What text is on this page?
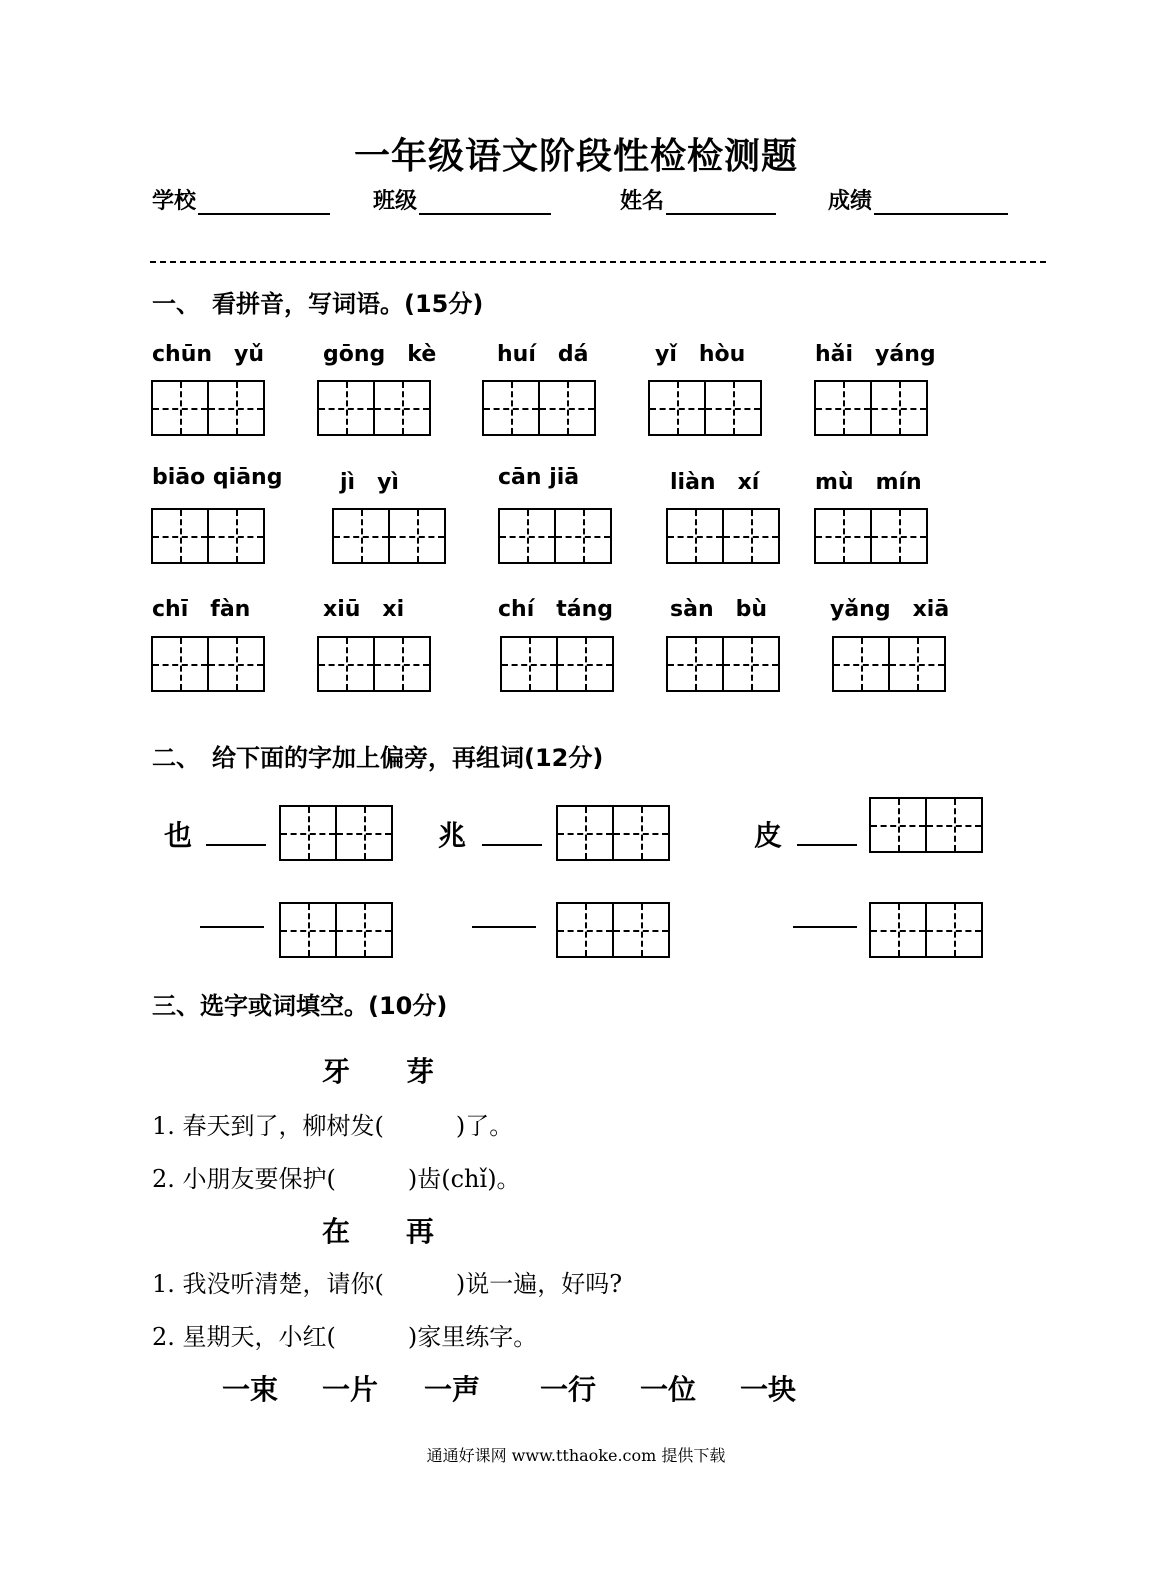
一年级语文阶段性检检测题
学校	班级	姓名	成绩
一、　看拼音，写词语。(15分)
chūn　yǔ	gōng　kè	huí　dá	yǐ　hòu	hǎi　yáng
biāo qiāng	jì　yì	cān jiā	liàn　xí	mù　mín
chī　fàn	xiū　xi	chí　táng	sàn　bù	yǎng　xiā
二、　给下面的字加上偏旁，再组词(12分)
也	兆	皮
三、选字或词填空。(10分)
牙　　芽
1. 春天到了，柳树发(　　　)了。
2. 小朋友要保护(　　　)齿(chǐ)。
在　　再
1. 我没听清楚，请你(　　　)说一遍，好吗?
2. 星期天，小红(　　　)家里练字。
一束 一片 一声 一行 一位 一块
通通好课网 www.tthaoke.com 提供下载
